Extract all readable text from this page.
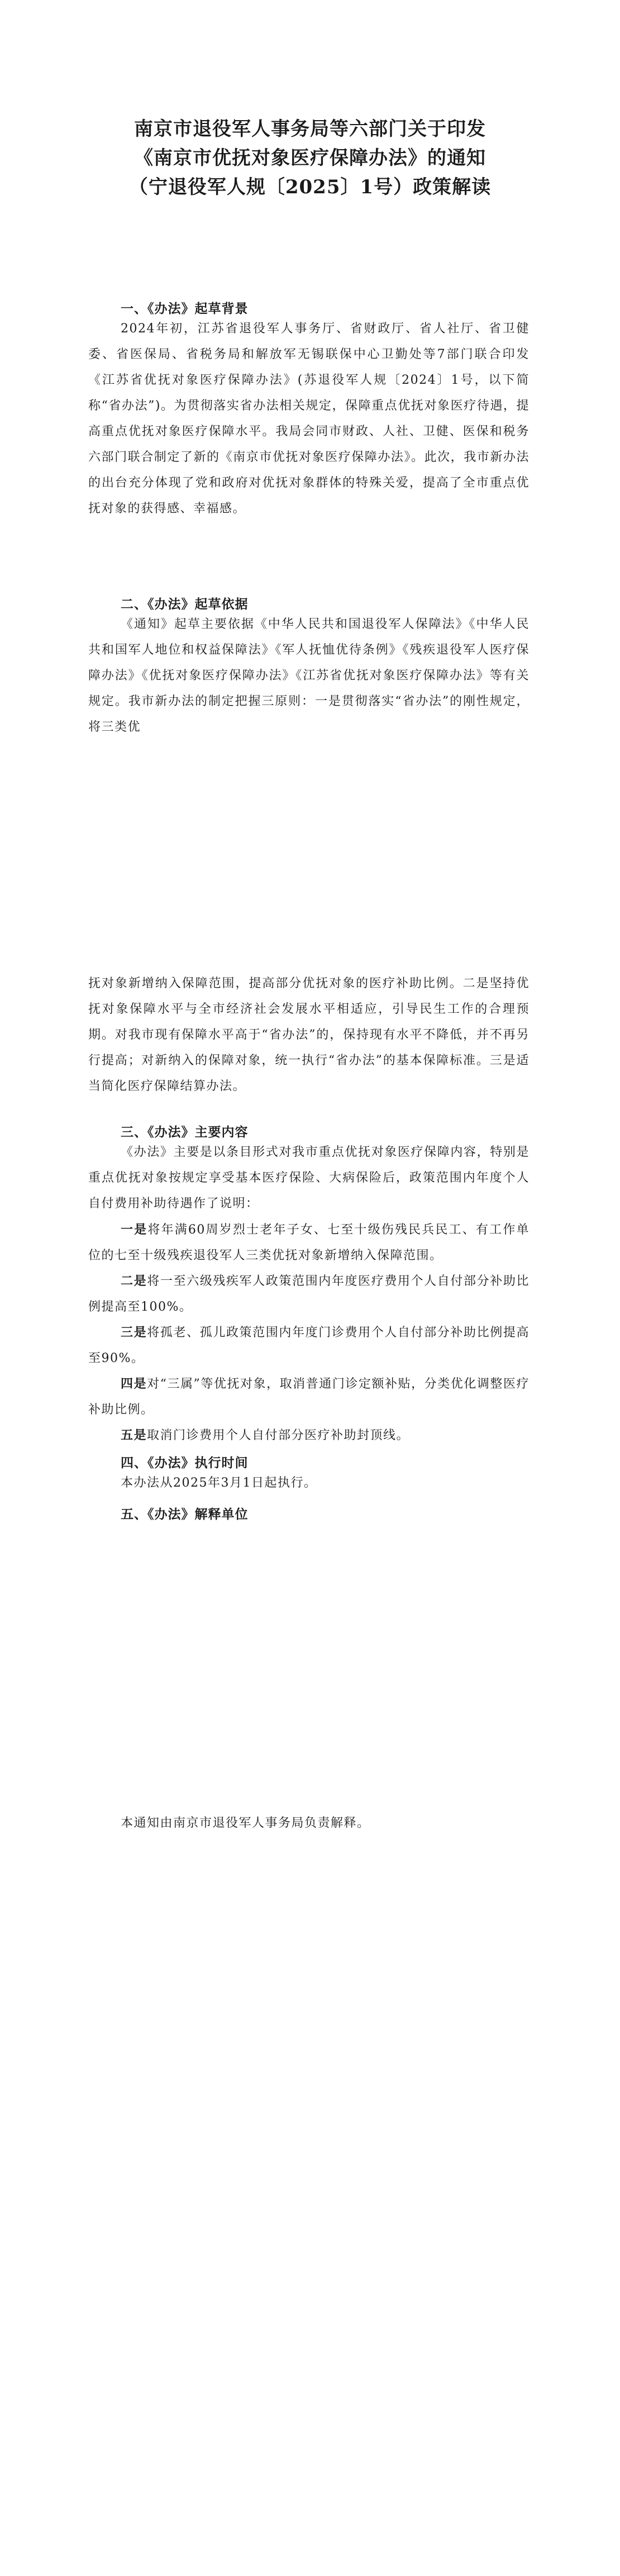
南京市退役军人事务局等六部门关于印发
《南京市优抚对象医疗保障办法》的通知
（宁退役军人规〔2025〕1号）政策解读
一、《办法》起草背景
2024年初，江苏省退役军人事务厅、省财政厅、省人社厅、省卫健委、省医保局、省税务局和解放军无锡联保中心卫勤处等7部门联合印发《江苏省优抚对象医疗保障办法》(苏退役军人规〔2024〕1号，以下简称“省办法”)。为贯彻落实省办法相关规定，保障重点优抚对象医疗待遇，提高重点优抚对象医疗保障水平。我局会同市财政、人社、卫健、医保和税务六部门联合制定了新的《南京市优抚对象医疗保障办法》。此次，我市新办法的出台充分体现了党和政府对优抚对象群体的特殊关爱，提高了全市重点优抚对象的获得感、幸福感。
二、《办法》起草依据
《通知》起草主要依据《中华人民共和国退役军人保障法》《中华人民共和国军人地位和权益保障法》《军人抚恤优待条例》《残疾退役军人医疗保障办法》《优抚对象医疗保障办法》《江苏省优抚对象医疗保障办法》等有关规定。我市新办法的制定把握三原则：一是贯彻落实“省办法”的刚性规定，将三类优
抚对象新增纳入保障范围，提高部分优抚对象的医疗补助比例。二是坚持优抚对象保障水平与全市经济社会发展水平相适应，引导民生工作的合理预期。对我市现有保障水平高于“省办法”的，保持现有水平不降低，并不再另行提高；对新纳入的保障对象，统一执行“省办法”的基本保障标准。三是适当简化医疗保障结算办法。
三、《办法》主要内容
《办法》主要是以条目形式对我市重点优抚对象医疗保障内容，特别是重点优抚对象按规定享受基本医疗保险、大病保险后，政策范围内年度个人自付费用补助待遇作了说明：
一是将年满60周岁烈士老年子女、七至十级伤残民兵民工、有工作单位的七至十级残疾退役军人三类优抚对象新增纳入保障范围。
二是将一至六级残疾军人政策范围内年度医疗费用个人自付部分补助比例提高至100%。
三是将孤老、孤儿政策范围内年度门诊费用个人自付部分补助比例提高至90%。
四是对“三属”等优抚对象，取消普通门诊定额补贴，分类优化调整医疗补助比例。
五是取消门诊费用个人自付部分医疗补助封顶线。
四、《办法》执行时间
本办法从2025年3月1日起执行。
五、《办法》解释单位
本通知由南京市退役军人事务局负责解释。
